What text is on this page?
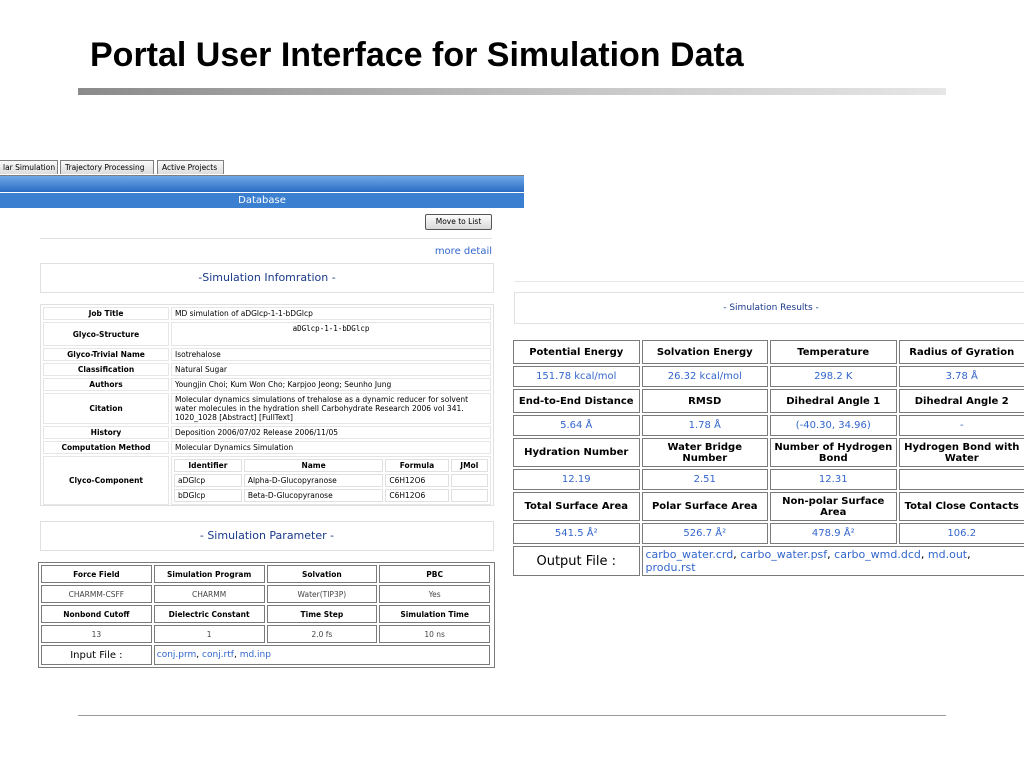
Portal User Interface for Simulation Data
lar Simulation	Trajectory Processing	Active Projects
Database
Move to List
more detail
-Simulation Infomration -
Job Title	MD simulation of aDGlcp-1-1-bDGlcp
Glyco-Structure	aDGlcp-1-1-bDGlcp
Glyco-Trivial Name	Isotrehalose
Classification	Natural Sugar
Authors	Youngjin Choi; Kum Won Cho; Karpjoo Jeong; Seunho Jung
Citation	Molecular dynamics simulations of trehalose as a dynamic reducer for solvent water molecules in the hydration shell Carbohydrate Research 2006 vol 341. 1020_1028 [Abstract] [FullText]
History	Deposition 2006/07/02 Release 2006/11/05
Computation Method	Molecular Dynamics Simulation
Clyco-Component	
Identifier	Name	Formula	JMol
aDGlcp	Alpha-D-Glucopyranose	C6H12O6	
bDGlcp	Beta-D-Glucopyranose	C6H12O6	
- Simulation Parameter -
Force Field	Simulation Program	Solvation	PBC
CHARMM-CSFF	CHARMM	Water(TIP3P)	Yes
Nonbond Cutoff	Dielectric Constant	Time Step	Simulation Time
13	1	2.0 fs	10 ns
Input File :	conj.prm, conj.rtf, md.inp		
- Simulation Results -
Potential Energy	Solvation Energy	Temperature	Radius of Gyration
151.78 kcal/mol	26.32 kcal/mol	298.2 K	3.78 Å
End-to-End Distance	RMSD	Dihedral Angle 1	Dihedral Angle 2
5.64 Å	1.78 Å	(-40.30, 34.96)	-
Hydration Number	Water Bridge Number	Number of Hydrogen Bond	Hydrogen Bond with Water
12.19	2.51	12.31	
Total Surface Area	Polar Surface Area	Non-polar Surface Area	Total Close Contacts
541.5 Å²	526.7 Å²	478.9 Å²	106.2
Output File :	carbo_water.crd, carbo_water.psf, carbo_wmd.dcd, md.out, produ.rst		
